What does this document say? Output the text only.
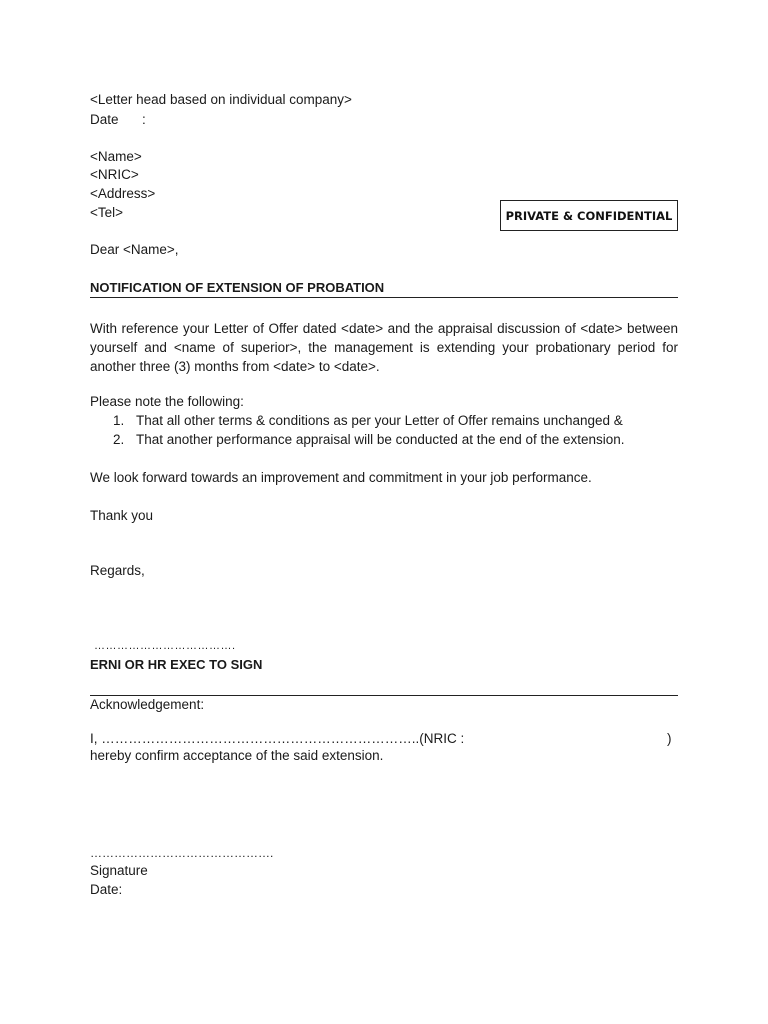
<Letter head based on individual company>
Date :
<Name>
<NRIC>
<Address>
<Tel>	PRIVATE & CONFIDENTIAL
Dear <Name>,
NOTIFICATION OF EXTENSION OF PROBATION
With reference your Letter of Offer dated <date> and the appraisal discussion of <date> between yourself and <name of superior>, the management is extending your probationary period for another three (3) months from <date> to <date>.
Please note the following:
1. That all other terms & conditions as per your Letter of Offer remains unchanged &
2. That another performance appraisal will be conducted at the end of the extension.
We look forward towards an improvement and commitment in your job performance.
Thank you
Regards,
……………………………….
ERNI OR HR EXEC TO SIGN
Acknowledgement:
I, ……………………………………………………………..(NRIC :	)
hereby confirm acceptance of the said extension.
……………………………………….
Signature
Date:
